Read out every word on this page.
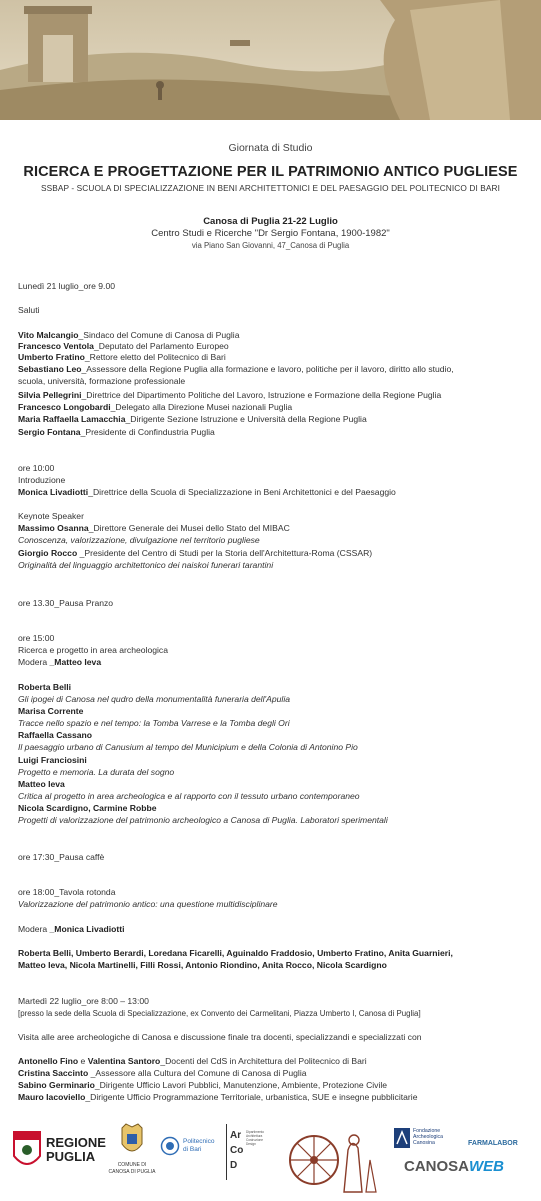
Giornata di Studio
RICERCA E PROGETTAZIONE PER IL PATRIMONIO ANTICO PUGLIESE
SSBAP - SCUOLA DI SPECIALIZZAZIONE IN BENI ARCHITETTONICI E DEL PAESAGGIO DEL POLITECNICO DI BARI
Canosa di Puglia 21-22 Luglio
Centro Studi e Ricerche "Dr Sergio Fontana, 1900-1982"
via Piano San Giovanni, 47_Canosa di Puglia
Lunedì 21 luglio_ore 9.00
Saluti
Vito Malcangio_Sindaco del Comune di Canosa di Puglia
Francesco Ventola_Deputato del Parlamento Europeo
Umberto Fratino_Rettore eletto del Politecnico di Bari
Sebastiano Leo_Assessore della Regione Puglia alla formazione e lavoro, politiche per il lavoro, diritto allo studio,
scuola, università, formazione professionale
Silvia Pellegrini_Direttrice del Dipartimento Politiche del Lavoro, Istruzione e Formazione della Regione Puglia
Francesco Longobardi_Delegato alla Direzione Musei nazionali Puglia
Maria Raffaella Lamacchia_Dirigente Sezione Istruzione e Università della Regione Puglia
Sergio Fontana_Presidente di Confindustria Puglia
ore 10:00
Introduzione
Monica Livadiotti_Direttrice della Scuola di Specializzazione in Beni Architettonici e del Paesaggio
Keynote Speaker
Massimo Osanna_Direttore Generale dei Musei dello Stato del MIBAC
Conoscenza, valorizzazione, divulgazione nel territorio pugliese
Giorgio Rocco _Presidente del Centro di Studi per la Storia dell'Architettura-Roma (CSSAR)
Originalità del linguaggio architettonico dei naiskoi funerari tarantini
ore 13.30_Pausa Pranzo
ore 15:00
Ricerca e progetto in area archeologica
Modera _Matteo Ieva
Roberta Belli
Gli ipogei di Canosa nel qudro della monumentalità funeraria dell'Apulia
Marisa Corrente
Tracce nello spazio e nel tempo: la Tomba Varrese e la Tomba degli Ori
Raffaella Cassano
Il paesaggio urbano di Canusium al tempo del Municipium e della Colonia di Antonino Pio
Luigi Franciosini
Progetto e memoria. La durata del sogno
Matteo Ieva
Critica al progetto in area archeologica e al rapporto con il tessuto urbano contemporaneo
Nicola Scardigno, Carmine Robbe
Progetti di valorizzazione del patrimonio archeologico a Canosa di Puglia. Laboratori sperimentali
ore 17:30_Pausa caffè
ore 18:00_Tavola rotonda
Valorizzazione del patrimonio antico: una questione multidisciplinare
Modera _Monica Livadiotti
Roberta Belli, Umberto Berardi, Loredana Ficarelli, Aguinaldo Fraddosio, Umberto Fratino, Anita Guarnieri,
Matteo Ieva, Nicola Martinelli, Filli Rossi, Antonio Riondino, Anita Rocco, Nicola Scardigno
Martedì 22 luglio_ore 8:00 – 13:00
[presso la sede della Scuola di Specializzazione, ex Convento dei Carmelitani, Piazza Umberto I, Canosa di Puglia]
Visita alle aree archeologiche di Canosa e discussione finale tra docenti, specializzandi e specializzati con
Antonello Fino e Valentina Santoro_Docenti del CdS in Architettura del Politecnico di Bari
Cristina Saccinto _Assessore alla Cultura del Comune di Canosa di Puglia
Sabino Germinario_Dirigente Ufficio Lavori Pubblici, Manutenzione, Ambiente, Protezione Civile
Mauro Iacoviello_Dirigente Ufficio Programmazione Territoriale, urbanistica, SUE e insegne pubblicitarie
REGIONE
PUGLIA
COMUNE DI
CANOSA DI PUGLIA
Politecnico
di Bari
Ar
Co
D
Dipartimento
Architettura
Costruzione
Design
Fondazione
Archeologica
Canosina	FARMALABOR
CANOSAWEB
